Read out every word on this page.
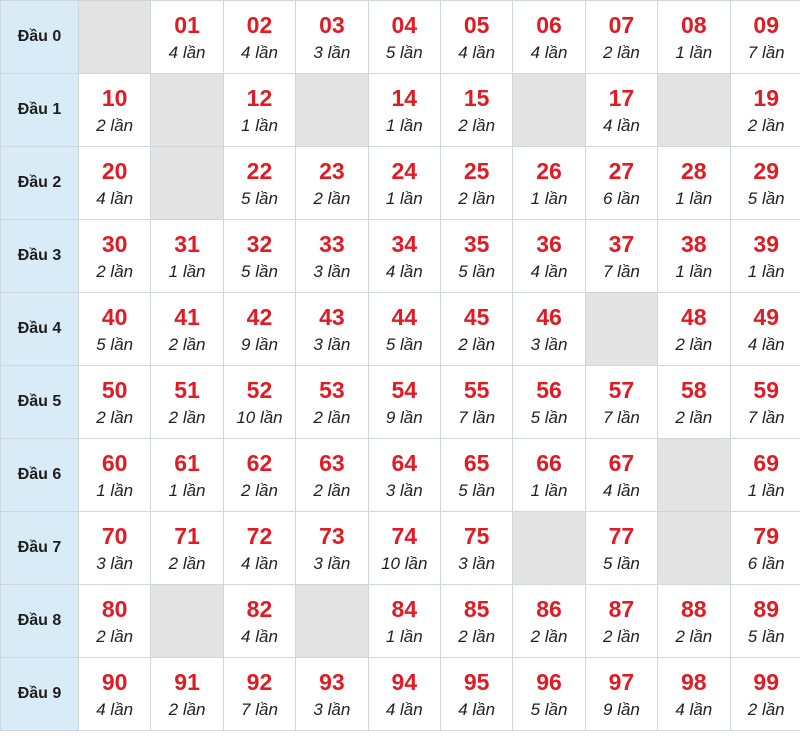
Đầu 0		01
4 lần	02
4 lần	03
3 lần	04
5 lần	05
4 lần	06
4 lần	07
2 lần	08
1 lần	09
7 lần

Đầu 1	10
2 lần		12
1 lần		14
1 lần	15
2 lần		17
4 lần		19
2 lần

Đầu 2	20
4 lần		22
5 lần	23
2 lần	24
1 lần	25
2 lần	26
1 lần	27
6 lần	28
1 lần	29
5 lần

Đầu 3	30
2 lần	31
1 lần	32
5 lần	33
3 lần	34
4 lần	35
5 lần	36
4 lần	37
7 lần	38
1 lần	39
1 lần

Đầu 4	40
5 lần	41
2 lần	42
9 lần	43
3 lần	44
5 lần	45
2 lần	46
3 lần		48
2 lần	49
4 lần

Đầu 5	50
2 lần	51
2 lần	52
10 lần	53
2 lần	54
9 lần	55
7 lần	56
5 lần	57
7 lần	58
2 lần	59
7 lần

Đầu 6	60
1 lần	61
1 lần	62
2 lần	63
2 lần	64
3 lần	65
5 lần	66
1 lần	67
4 lần		69
1 lần

Đầu 7	70
3 lần	71
2 lần	72
4 lần	73
3 lần	74
10 lần	75
3 lần		77
5 lần		79
6 lần

Đầu 8	80
2 lần		82
4 lần		84
1 lần	85
2 lần	86
2 lần	87
2 lần	88
2 lần	89
5 lần

Đầu 9	90
4 lần	91
2 lần	92
7 lần	93
3 lần	94
4 lần	95
4 lần	96
5 lần	97
9 lần	98
4 lần	99
2 lần
